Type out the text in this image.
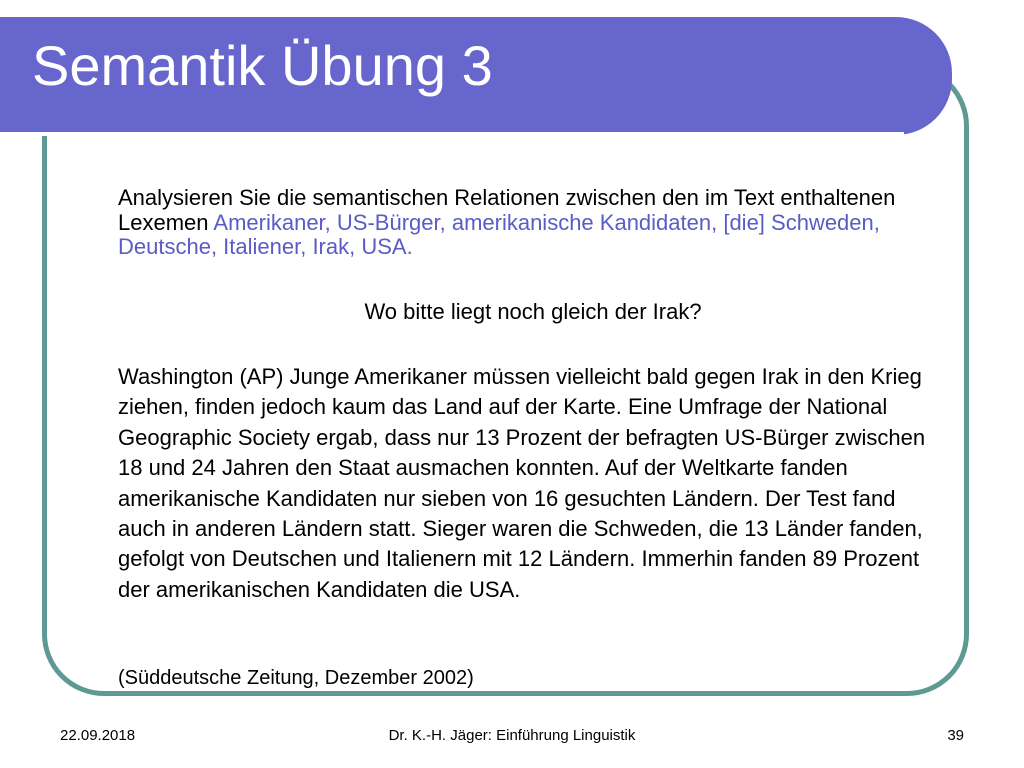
Semantik Übung 3

Analysieren Sie die semantischen Relationen zwischen den im Text enthaltenen Lexemen Amerikaner, US-Bürger, amerikanische Kandidaten, [die] Schweden, Deutsche, Italiener, Irak, USA.

Wo bitte liegt noch gleich der Irak?

Washington (AP) Junge Amerikaner müssen vielleicht bald gegen Irak in den Krieg ziehen, finden jedoch kaum das Land auf der Karte. Eine Umfrage der National Geographic Society ergab, dass nur 13 Prozent der befragten US-Bürger zwischen 18 und 24 Jahren den Staat ausmachen konnten. Auf der Weltkarte fanden amerikanische Kandidaten nur sieben von 16 gesuchten Ländern. Der Test fand auch in anderen Ländern statt. Sieger waren die Schweden, die 13 Länder fanden, gefolgt von Deutschen und Italienern mit 12 Ländern. Immerhin fanden 89 Prozent der amerikanischen Kandidaten die USA.

(Süddeutsche Zeitung, Dezember 2002)

22.09.2018	Dr. K.-H. Jäger: Einführung Linguistik	39
